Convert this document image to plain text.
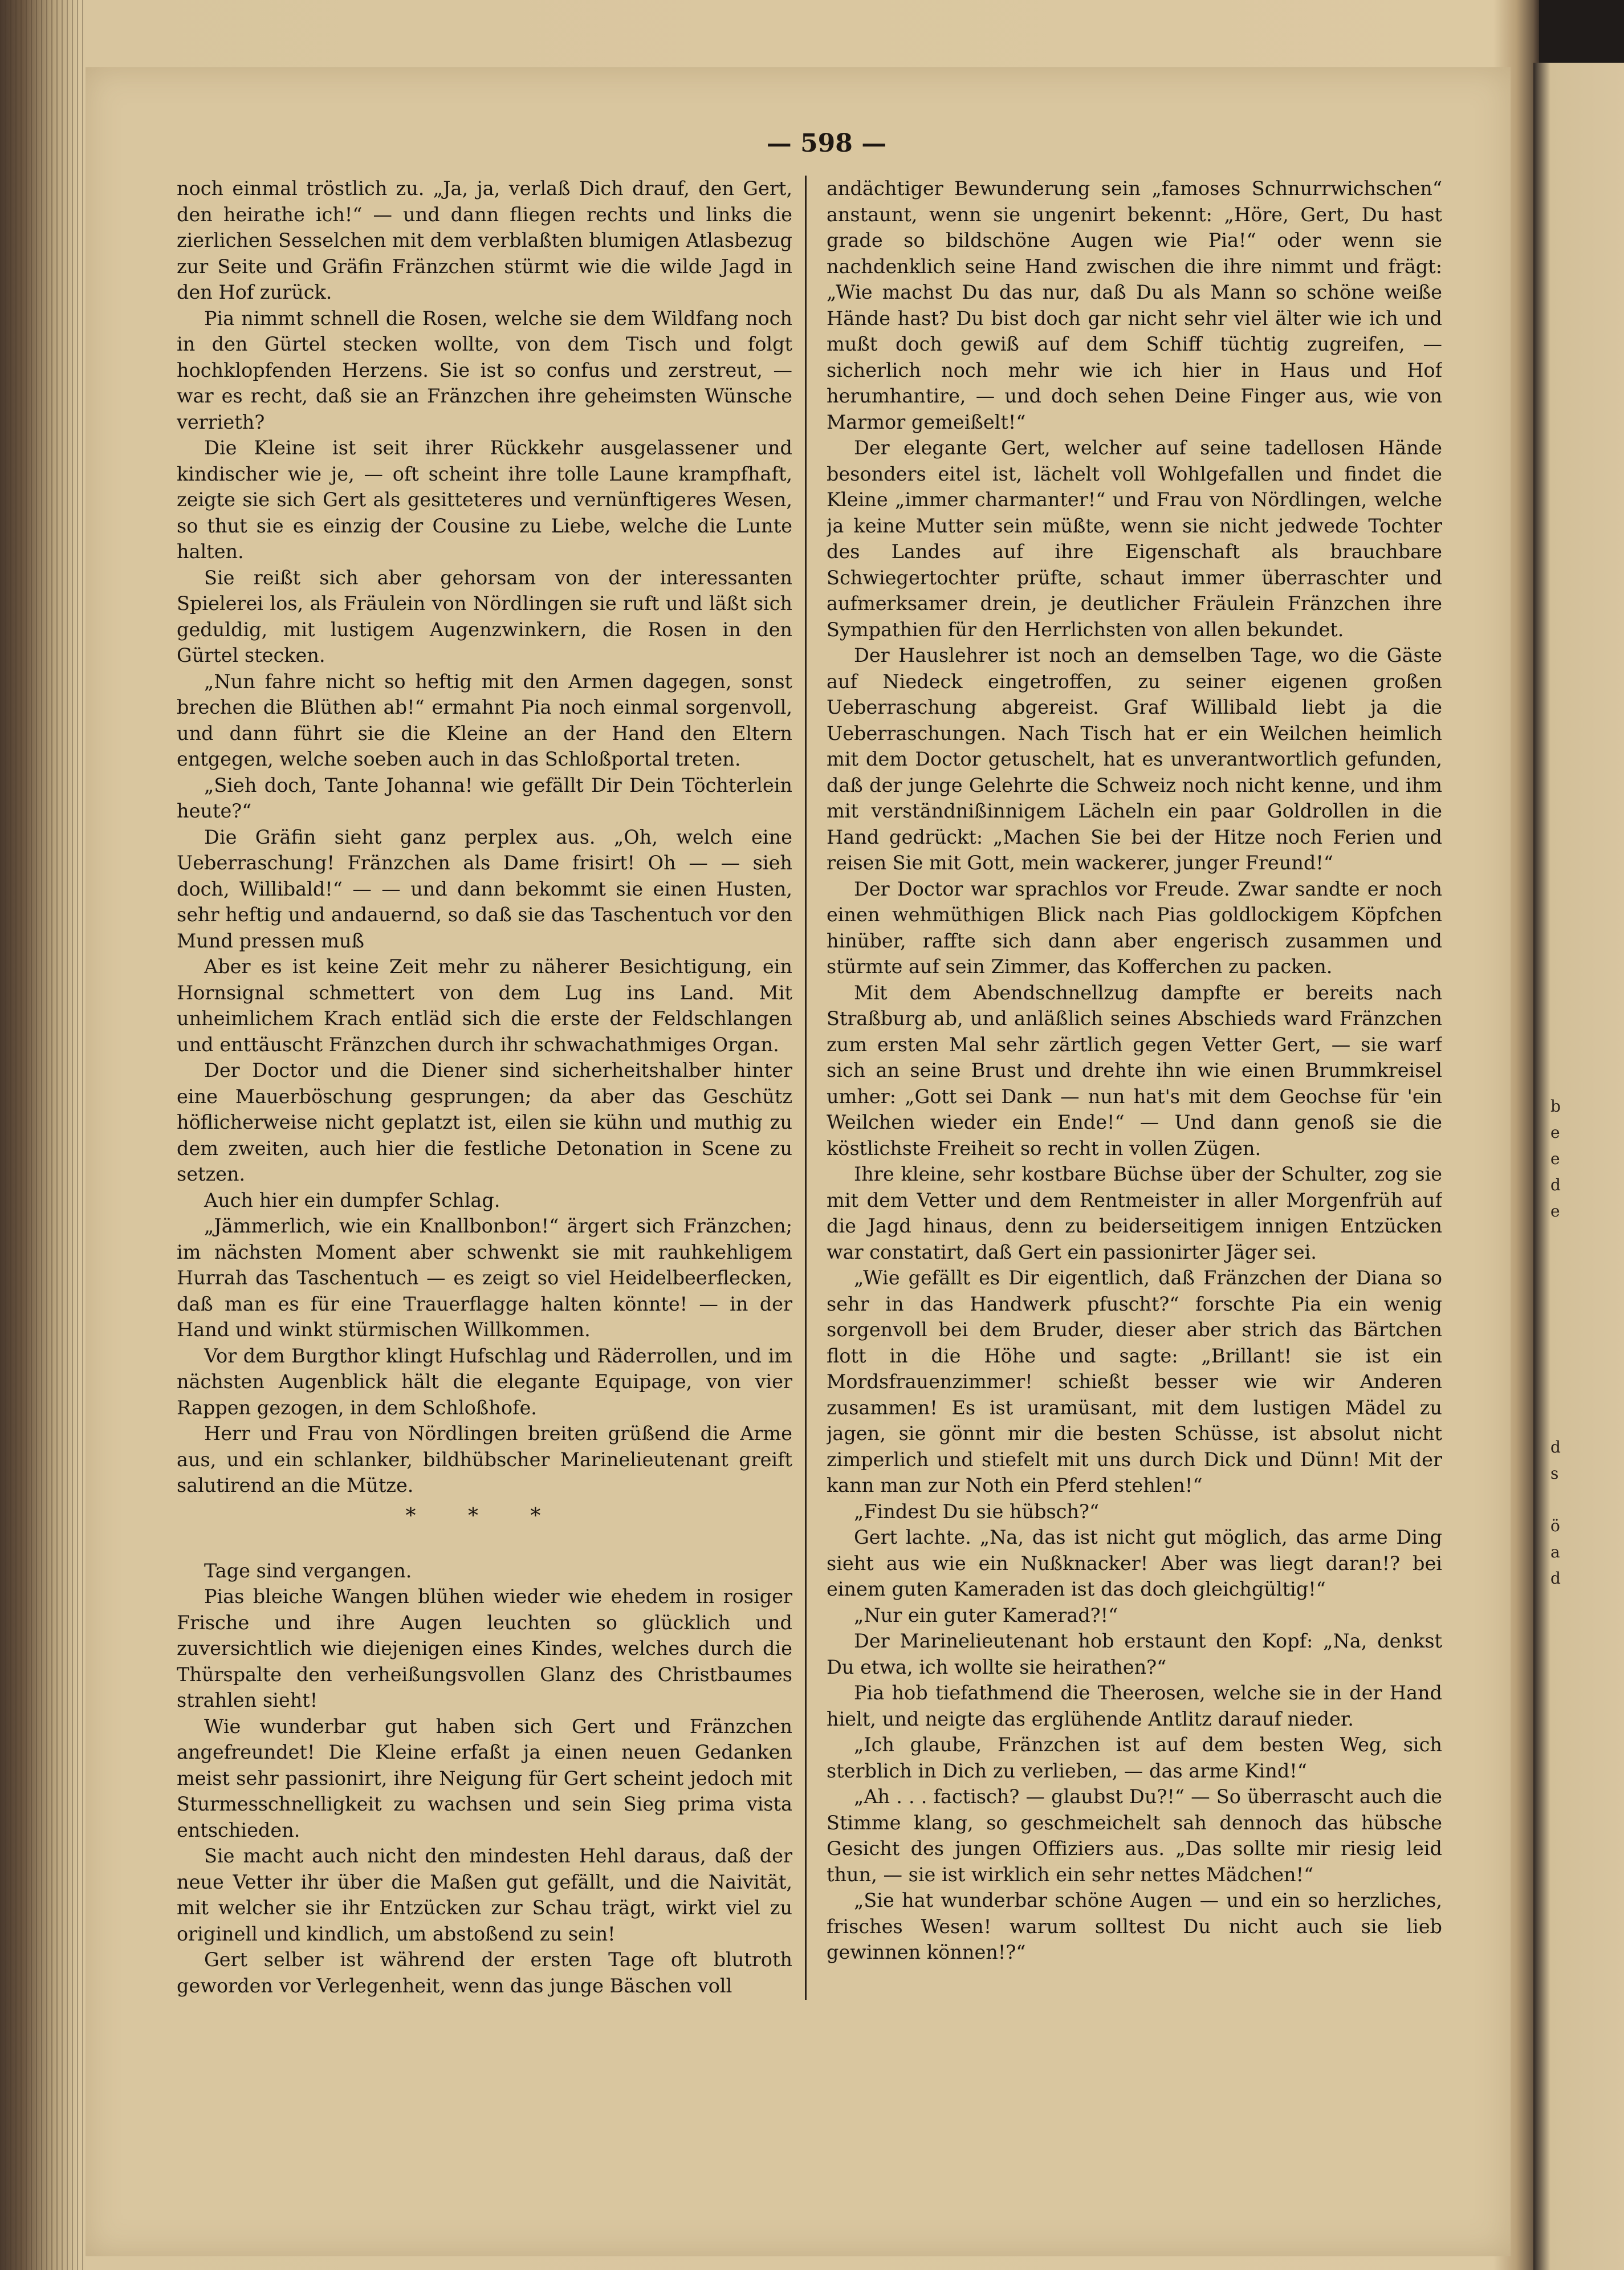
b
e
e
d
e

d
s

ö
a
d
— 598 —

noch einmal tröstlich zu. „Ja, ja, verlaß Dich drauf, den Gert, den heirathe ich!“ — und dann fliegen rechts und links die zierlichen Sesselchen mit dem verblaßten blumigen Atlasbezug zur Seite und Gräfin Fränzchen stürmt wie die wilde Jagd in den Hof zurück.

Pia nimmt schnell die Rosen, welche sie dem Wildfang noch in den Gürtel stecken wollte, von dem Tisch und folgt hochklopfenden Herzens. Sie ist so confus und zerstreut, — war es recht, daß sie an Fränzchen ihre geheimsten Wünsche verrieth?

Die Kleine ist seit ihrer Rückkehr ausgelassener und kindischer wie je, — oft scheint ihre tolle Laune krampfhaft, zeigte sie sich Gert als gesitteteres und vernünftigeres Wesen, so thut sie es einzig der Cousine zu Liebe, welche die Lunte halten.

Sie reißt sich aber gehorsam von der interessanten Spielerei los, als Fräulein von Nördlingen sie ruft und läßt sich geduldig, mit lustigem Augenzwinkern, die Rosen in den Gürtel stecken.

„Nun fahre nicht so heftig mit den Armen dagegen, sonst brechen die Blüthen ab!“ ermahnt Pia noch einmal sorgenvoll, und dann führt sie die Kleine an der Hand den Eltern entgegen, welche soeben auch in das Schloßportal treten.

„Sieh doch, Tante Johanna! wie gefällt Dir Dein Töchterlein heute?“

Die Gräfin sieht ganz perplex aus. „Oh, welch eine Ueberraschung! Fränzchen als Dame frisirt! Oh — — sieh doch, Willibald!“ — — und dann bekommt sie einen Husten, sehr heftig und andauernd, so daß sie das Taschentuch vor den Mund pressen muß

Aber es ist keine Zeit mehr zu näherer Besichtigung, ein Hornsignal schmettert von dem Lug ins Land. Mit unheimlichem Krach entläd sich die erste der Feldschlangen und enttäuscht Fränzchen durch ihr schwachathmiges Organ.

Der Doctor und die Diener sind sicherheitshalber hinter eine Mauerböschung gesprungen; da aber das Geschütz höflicherweise nicht geplatzt ist, eilen sie kühn und muthig zu dem zweiten, auch hier die festliche Detonation in Scene zu setzen.

Auch hier ein dumpfer Schlag.

„Jämmerlich, wie ein Knallbonbon!“ ärgert sich Fränzchen; im nächsten Moment aber schwenkt sie mit rauhkehligem Hurrah das Taschentuch — es zeigt so viel Heidelbeerflecken, daß man es für eine Trauerflagge halten könnte! — in der Hand und winkt stürmischen Willkommen.

Vor dem Burgthor klingt Hufschlag und Räderrollen, und im nächsten Augenblick hält die elegante Equipage, von vier Rappen gezogen, in dem Schloßhofe.

Herr und Frau von Nördlingen breiten grüßend die Arme aus, und ein schlanker, bildhübscher Marinelieutenant greift salutirend an die Mütze.

* * *

Tage sind vergangen.

Pias bleiche Wangen blühen wieder wie ehedem in rosiger Frische und ihre Augen leuchten so glücklich und zuversichtlich wie diejenigen eines Kindes, welches durch die Thürspalte den verheißungsvollen Glanz des Christbaumes strahlen sieht!

Wie wunderbar gut haben sich Gert und Fränzchen angefreundet! Die Kleine erfaßt ja einen neuen Gedanken meist sehr passionirt, ihre Neigung für Gert scheint jedoch mit Sturmesschnelligkeit zu wachsen und sein Sieg prima vista entschieden.

Sie macht auch nicht den mindesten Hehl daraus, daß der neue Vetter ihr über die Maßen gut gefällt, und die Naivität, mit welcher sie ihr Entzücken zur Schau trägt, wirkt viel zu originell und kindlich, um abstoßend zu sein!

Gert selber ist während der ersten Tage oft blutroth geworden vor Verlegenheit, wenn das junge Bäschen voll

andächtiger Bewunderung sein „famoses Schnurrwichschen“ anstaunt, wenn sie ungenirt bekennt: „Höre, Gert, Du hast grade so bildschöne Augen wie Pia!“ oder wenn sie nachdenklich seine Hand zwischen die ihre nimmt und frägt: „Wie machst Du das nur, daß Du als Mann so schöne weiße Hände hast? Du bist doch gar nicht sehr viel älter wie ich und mußt doch gewiß auf dem Schiff tüchtig zugreifen, — sicherlich noch mehr wie ich hier in Haus und Hof herumhantire, — und doch sehen Deine Finger aus, wie von Marmor gemeißelt!“

Der elegante Gert, welcher auf seine tadellosen Hände besonders eitel ist, lächelt voll Wohlgefallen und findet die Kleine „immer charmanter!“ und Frau von Nördlingen, welche ja keine Mutter sein müßte, wenn sie nicht jedwede Tochter des Landes auf ihre Eigenschaft als brauchbare Schwiegertochter prüfte, schaut immer überraschter und aufmerksamer drein, je deutlicher Fräulein Fränzchen ihre Sympathien für den Herrlichsten von allen bekundet.

Der Hauslehrer ist noch an demselben Tage, wo die Gäste auf Niedeck eingetroffen, zu seiner eigenen großen Ueberraschung abgereist. Graf Willibald liebt ja die Ueberraschungen. Nach Tisch hat er ein Weilchen heimlich mit dem Doctor getuschelt, hat es unverantwortlich gefunden, daß der junge Gelehrte die Schweiz noch nicht kenne, und ihm mit verständnißinnigem Lächeln ein paar Goldrollen in die Hand gedrückt: „Machen Sie bei der Hitze noch Ferien und reisen Sie mit Gott, mein wackerer, junger Freund!“

Der Doctor war sprachlos vor Freude. Zwar sandte er noch einen wehmüthigen Blick nach Pias goldlockigem Köpfchen hinüber, raffte sich dann aber engerisch zusammen und stürmte auf sein Zimmer, das Kofferchen zu packen.

Mit dem Abendschnellzug dampfte er bereits nach Straßburg ab, und anläßlich seines Abschieds ward Fränzchen zum ersten Mal sehr zärtlich gegen Vetter Gert, — sie warf sich an seine Brust und drehte ihn wie einen Brummkreisel umher: „Gott sei Dank — nun hat's mit dem Geochse für 'ein Weilchen wieder ein Ende!“ — Und dann genoß sie die köstlichste Freiheit so recht in vollen Zügen.

Ihre kleine, sehr kostbare Büchse über der Schulter, zog sie mit dem Vetter und dem Rentmeister in aller Morgenfrüh auf die Jagd hinaus, denn zu beiderseitigem innigen Entzücken war constatirt, daß Gert ein passionirter Jäger sei.

„Wie gefällt es Dir eigentlich, daß Fränzchen der Diana so sehr in das Handwerk pfuscht?“ forschte Pia ein wenig sorgenvoll bei dem Bruder, dieser aber strich das Bärtchen flott in die Höhe und sagte: „Brillant! sie ist ein Mordsfrauenzimmer! schießt besser wie wir Anderen zusammen! Es ist uramüsant, mit dem lustigen Mädel zu jagen, sie gönnt mir die besten Schüsse, ist absolut nicht zimperlich und stiefelt mit uns durch Dick und Dünn! Mit der kann man zur Noth ein Pferd stehlen!“

„Findest Du sie hübsch?“

Gert lachte. „Na, das ist nicht gut möglich, das arme Ding sieht aus wie ein Nußknacker! Aber was liegt daran!? bei einem guten Kameraden ist das doch gleichgültig!“

„Nur ein guter Kamerad?!“

Der Marinelieutenant hob erstaunt den Kopf: „Na, denkst Du etwa, ich wollte sie heirathen?“

Pia hob tiefathmend die Theerosen, welche sie in der Hand hielt, und neigte das erglühende Antlitz darauf nieder.

„Ich glaube, Fränzchen ist auf dem besten Weg, sich sterblich in Dich zu verlieben, — das arme Kind!“

„Ah . . . factisch? — glaubst Du?!“ — So überrascht auch die Stimme klang, so geschmeichelt sah dennoch das hübsche Gesicht des jungen Offiziers aus. „Das sollte mir riesig leid thun, — sie ist wirklich ein sehr nettes Mädchen!“

„Sie hat wunderbar schöne Augen — und ein so herzliches, frisches Wesen! warum solltest Du nicht auch sie lieb gewinnen können!?“
